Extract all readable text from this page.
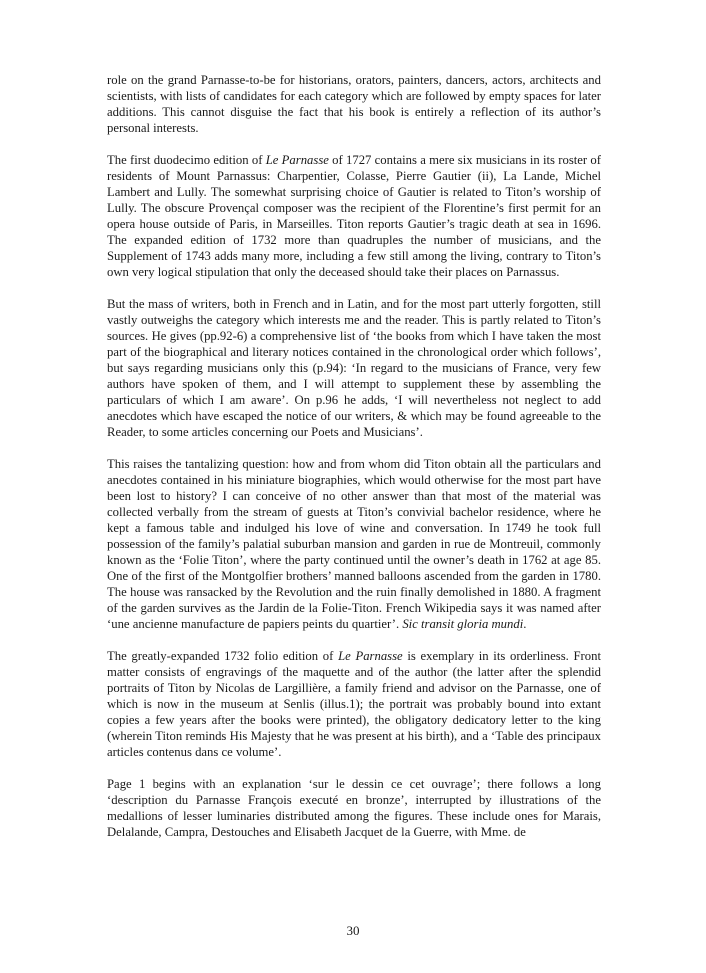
role on the grand Parnasse-to-be for historians, orators, painters, dancers, actors, architects and scientists, with lists of candidates for each category which are followed by empty spaces for later additions. This cannot disguise the fact that his book is entirely a reflection of its author’s personal interests.

The first duodecimo edition of Le Parnasse of 1727 contains a mere six musicians in its roster of residents of Mount Parnassus: Charpentier, Colasse, Pierre Gautier (ii), La Lande, Michel Lambert and Lully. The somewhat surprising choice of Gautier is related to Titon’s worship of Lully. The obscure Provençal composer was the recipient of the Florentine’s first permit for an opera house outside of Paris, in Marseilles. Titon reports Gautier’s tragic death at sea in 1696. The expanded edition of 1732 more than quadruples the number of musicians, and the Supplement of 1743 adds many more, including a few still among the living, contrary to Titon’s own very logical stipulation that only the deceased should take their places on Parnassus.

But the mass of writers, both in French and in Latin, and for the most part utterly forgotten, still vastly outweighs the category which interests me and the reader. This is partly related to Titon’s sources. He gives (pp.92-6) a comprehensive list of ‘the books from which I have taken the most part of the biographical and literary notices contained in the chronological order which follows’, but says regarding musicians only this (p.94): ‘In regard to the musicians of France, very few authors have spoken of them, and I will attempt to supplement these by assembling the particulars of which I am aware’. On p.96 he adds, ‘I will nevertheless not neglect to add anecdotes which have escaped the notice of our writers, & which may be found agreeable to the Reader, to some articles concerning our Poets and Musicians’.

This raises the tantalizing question: how and from whom did Titon obtain all the particulars and anecdotes contained in his miniature biographies, which would otherwise for the most part have been lost to history? I can conceive of no other answer than that most of the material was collected verbally from the stream of guests at Titon’s convivial bachelor residence, where he kept a famous table and indulged his love of wine and conversation. In 1749 he took full possession of the family’s palatial suburban mansion and garden in rue de Montreuil, commonly known as the ‘Folie Titon’, where the party continued until the owner’s death in 1762 at age 85. One of the first of the Montgolfier brothers’ manned balloons ascended from the garden in 1780. The house was ransacked by the Revolution and the ruin finally demolished in 1880. A fragment of the garden survives as the Jardin de la Folie-Titon. French Wikipedia says it was named after ‘une ancienne manufacture de papiers peints du quartier’. Sic transit gloria mundi.

The greatly-expanded 1732 folio edition of Le Parnasse is exemplary in its orderliness. Front matter consists of engravings of the maquette and of the author (the latter after the splendid portraits of Titon by Nicolas de Largillière, a family friend and advisor on the Parnasse, one of which is now in the museum at Senlis (illus.1); the portrait was probably bound into extant copies a few years after the books were printed), the obligatory dedicatory letter to the king (wherein Titon reminds His Majesty that he was present at his birth), and a ‘Table des principaux articles contenus dans ce volume’.

Page 1 begins with an explanation ‘sur le dessin ce cet ouvrage’; there follows a long ‘description du Parnasse François executé en bronze’, interrupted by illustrations of the medallions of lesser luminaries distributed among the figures. These include ones for Marais, Delalande, Campra, Destouches and Elisabeth Jacquet de la Guerre, with Mme. de

30
